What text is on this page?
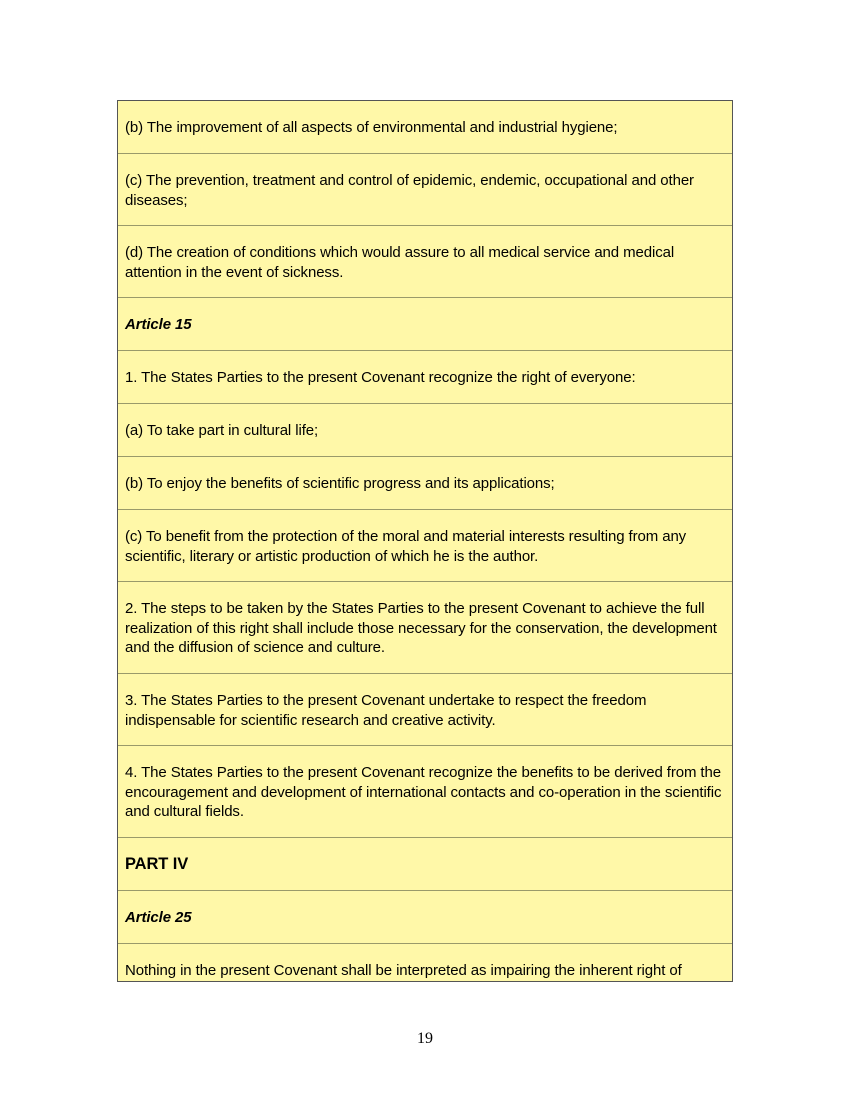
(b) The improvement of all aspects of environmental and industrial hygiene;
(c) The prevention, treatment and control of epidemic, endemic, occupational and other diseases;
(d) The creation of conditions which would assure to all medical service and medical attention in the event of sickness.
Article 15
1. The States Parties to the present Covenant recognize the right of everyone:
(a) To take part in cultural life;
(b) To enjoy the benefits of scientific progress and its applications;
(c) To benefit from the protection of the moral and material interests resulting from any scientific, literary or artistic production of which he is the author.
2. The steps to be taken by the States Parties to the present Covenant to achieve the full realization of this right shall include those necessary for the conservation, the development and the diffusion of science and culture.
3. The States Parties to the present Covenant undertake to respect the freedom indispensable for scientific research and creative activity.
4. The States Parties to the present Covenant recognize the benefits to be derived from the encouragement and development of international contacts and co-operation in the scientific and cultural fields.
PART IV
Article 25
Nothing in the present Covenant shall be interpreted as impairing the inherent right of
19
